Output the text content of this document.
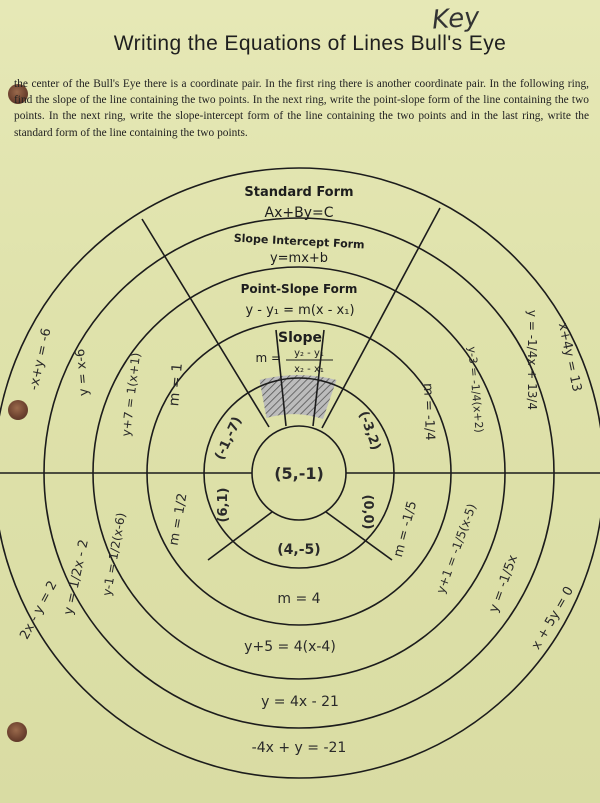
Key
Writing the Equations of Lines Bull's Eye
the center of the Bull's Eye there is a coordinate pair. In the first ring there is another coordinate pair. In the following ring, find the slope of the line containing the two points. In the next ring, write the point-slope form of the line containing the two points. In the next ring, write the slope-intercept form of the line containing the two points and in the last ring, write the standard form of the line containing the two points.
Standard Form
Ax+By=C
Slope Intercept Form
y=mx+b
Point-Slope Form
y - y₁ = m(x - x₁)
Slope
m = y₂ - y₁
x₂ - x₁
(5,-1)
(-1,-7)	(-3,2)
(0,0)
(4,-5)
(6,1)
m = 1	m = -1/4
m = -1/5
m = 4
m = 1/2
y+7 = 1(x+1)	y-3 = -1/4(x+2)
y+1 = -1/5(x-5)
y+5 = 4(x-4)
y-1 = 1/2(x-6)
y = x-6	y = -1/4x + 13/4
y = -1/5x
y = 4x - 21
y = 1/2x - 2
-x+y = -6	x+4y = 13
x + 5y = 0
-4x + y = -21
2x - y = 2
